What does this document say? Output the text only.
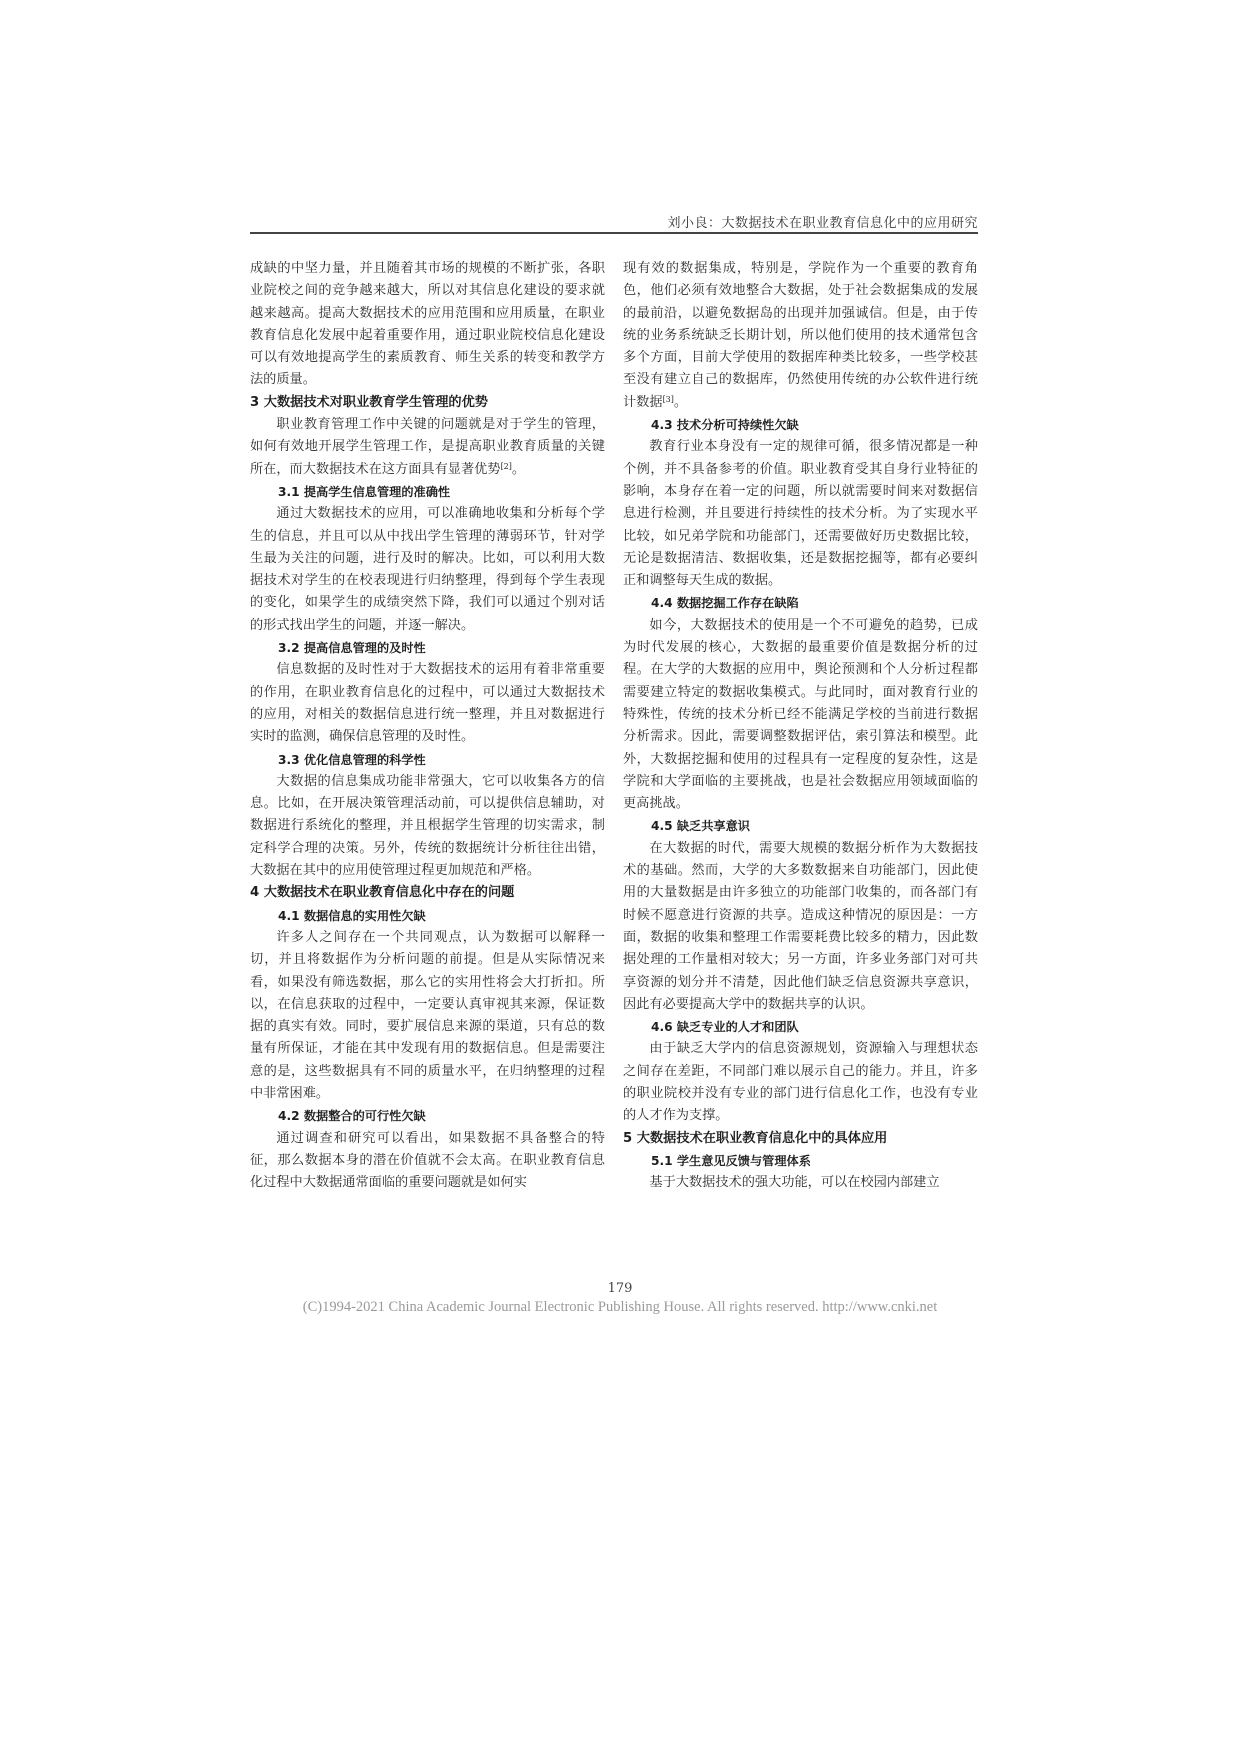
刘小良：大数据技术在职业教育信息化中的应用研究

成缺的中坚力量，并且随着其市场的规模的不断扩张，各职业院校之间的竞争越来越大，所以对其信息化建设的要求就越来越高。提高大数据技术的应用范围和应用质量，在职业教育信息化发展中起着重要作用，通过职业院校信息化建设可以有效地提高学生的素质教育、师生关系的转变和教学方法的质量。

3 大数据技术对职业教育学生管理的优势

职业教育管理工作中关键的问题就是对于学生的管理，如何有效地开展学生管理工作，是提高职业教育质量的关键所在，而大数据技术在这方面具有显著优势[2]。

3.1 提高学生信息管理的准确性

通过大数据技术的应用，可以准确地收集和分析每个学生的信息，并且可以从中找出学生管理的薄弱环节，针对学生最为关注的问题，进行及时的解决。比如，可以利用大数据技术对学生的在校表现进行归纳整理，得到每个学生表现的变化，如果学生的成绩突然下降，我们可以通过个别对话的形式找出学生的问题，并逐一解决。

3.2 提高信息管理的及时性

信息数据的及时性对于大数据技术的运用有着非常重要的作用，在职业教育信息化的过程中，可以通过大数据技术的应用，对相关的数据信息进行统一整理，并且对数据进行实时的监测，确保信息管理的及时性。

3.3 优化信息管理的科学性

大数据的信息集成功能非常强大，它可以收集各方的信息。比如，在开展决策管理活动前，可以提供信息辅助，对数据进行系统化的整理，并且根据学生管理的切实需求，制定科学合理的决策。另外，传统的数据统计分析往往出错，大数据在其中的应用使管理过程更加规范和严格。

4 大数据技术在职业教育信息化中存在的问题
4.1 数据信息的实用性欠缺

许多人之间存在一个共同观点，认为数据可以解释一切，并且将数据作为分析问题的前提。但是从实际情况来看，如果没有筛选数据，那么它的实用性将会大打折扣。所以，在信息获取的过程中，一定要认真审视其来源，保证数据的真实有效。同时，要扩展信息来源的渠道，只有总的数量有所保证，才能在其中发现有用的数据信息。但是需要注意的是，这些数据具有不同的质量水平，在归纳整理的过程中非常困难。

4.2 数据整合的可行性欠缺

通过调查和研究可以看出，如果数据不具备整合的特征，那么数据本身的潜在价值就不会太高。在职业教育信息化过程中大数据通常面临的重要问题就是如何实

现有效的数据集成，特别是，学院作为一个重要的教育角色，他们必须有效地整合大数据，处于社会数据集成的发展的最前沿，以避免数据岛的出现并加强诚信。但是，由于传统的业务系统缺乏长期计划，所以他们使用的技术通常包含多个方面，目前大学使用的数据库种类比较多，一些学校甚至没有建立自己的数据库，仍然使用传统的办公软件进行统计数据[3]。

4.3 技术分析可持续性欠缺

教育行业本身没有一定的规律可循，很多情况都是一种个例，并不具备参考的价值。职业教育受其自身行业特征的影响，本身存在着一定的问题，所以就需要时间来对数据信息进行检测，并且要进行持续性的技术分析。为了实现水平比较，如兄弟学院和功能部门，还需要做好历史数据比较，无论是数据清洁、数据收集，还是数据挖掘等，都有必要纠正和调整每天生成的数据。

4.4 数据挖掘工作存在缺陷

如今，大数据技术的使用是一个不可避免的趋势，已成为时代发展的核心，大数据的最重要价值是数据分析的过程。在大学的大数据的应用中，舆论预测和个人分析过程都需要建立特定的数据收集模式。与此同时，面对教育行业的特殊性，传统的技术分析已经不能满足学校的当前进行数据分析需求。因此，需要调整数据评估，索引算法和模型。此外，大数据挖掘和使用的过程具有一定程度的复杂性，这是学院和大学面临的主要挑战，也是社会数据应用领域面临的更高挑战。

4.5 缺乏共享意识

在大数据的时代，需要大规模的数据分析作为大数据技术的基础。然而，大学的大多数数据来自功能部门，因此使用的大量数据是由许多独立的功能部门收集的，而各部门有时候不愿意进行资源的共享。造成这种情况的原因是：一方面，数据的收集和整理工作需要耗费比较多的精力，因此数据处理的工作量相对较大；另一方面，许多业务部门对可共享资源的划分并不清楚，因此他们缺乏信息资源共享意识，因此有必要提高大学中的数据共享的认识。

4.6 缺乏专业的人才和团队

由于缺乏大学内的信息资源规划，资源输入与理想状态之间存在差距，不同部门难以展示自己的能力。并且，许多的职业院校并没有专业的部门进行信息化工作，也没有专业的人才作为支撑。

5 大数据技术在职业教育信息化中的具体应用
5.1 学生意见反馈与管理体系

基于大数据技术的强大功能，可以在校园内部建立

179
(C)1994-2021 China Academic Journal Electronic Publishing House. All rights reserved. http://www.cnki.net
